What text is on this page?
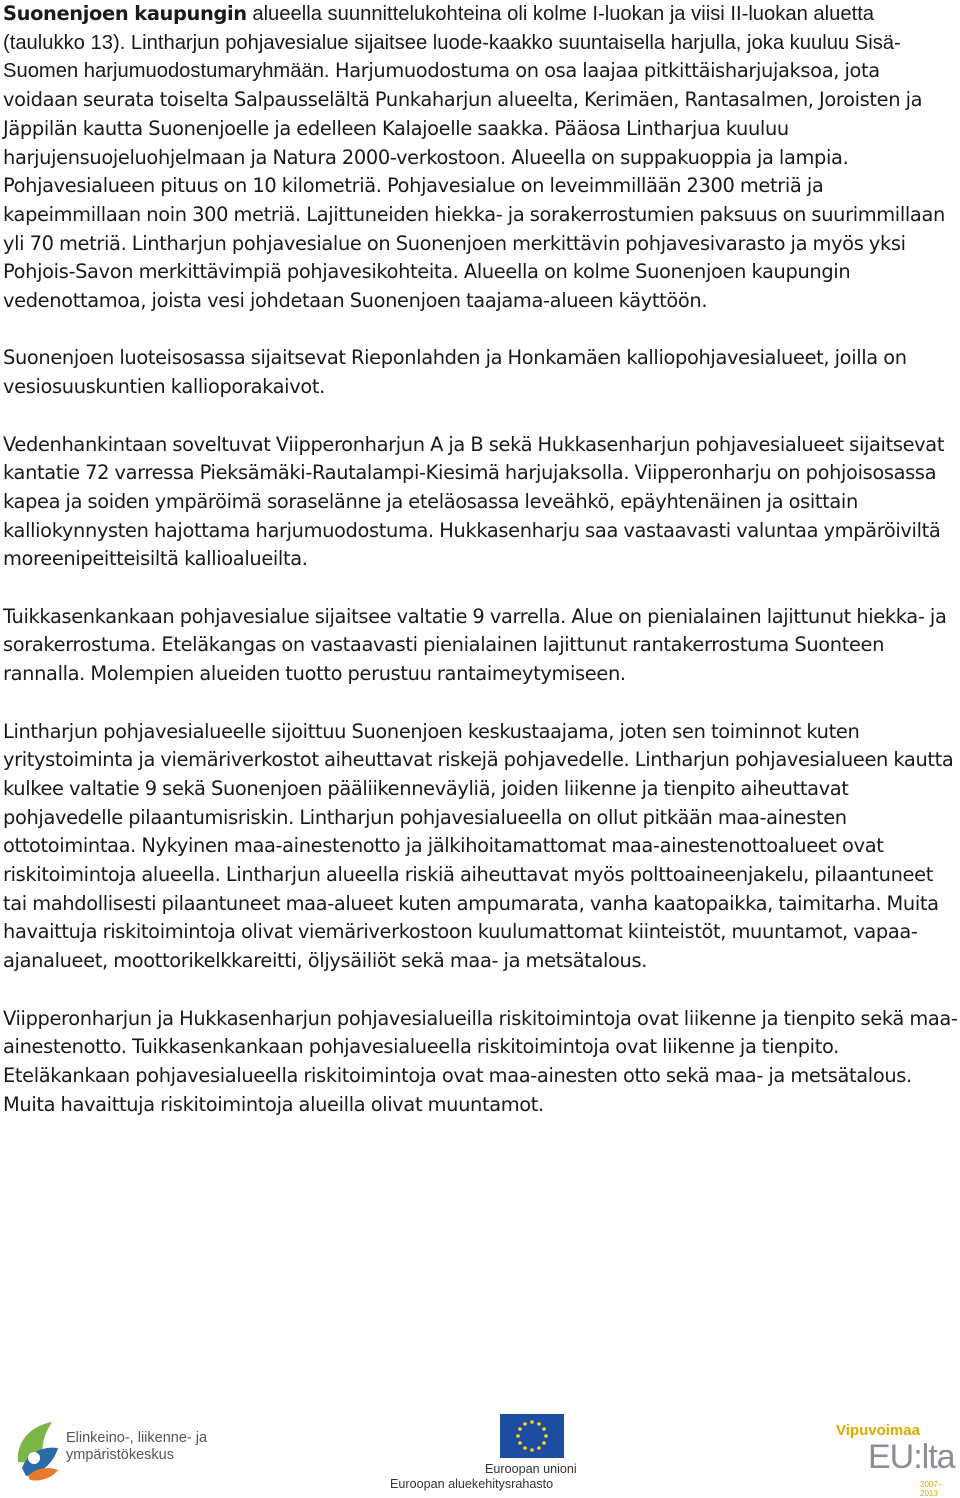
Suonenjoen kaupungin alueella suunnittelukohteina oli kolme I-luokan ja viisi II-luokan aluetta (taulukko 13). Lintharjun pohjavesialue sijaitsee luode-kaakko suuntaisella harjulla, joka kuuluu Sisä-Suomen harjumuodostumaryhmään. Harjumuodostuma on osa laajaa pitkittäisharjujaksoa, jota voidaan seurata toiselta Salpausselältä Punkaharjun alueelta, Kerimäen, Rantasalmen, Joroisten ja Jäppilän kautta Suonenjoelle ja edelleen Kalajoelle saakka. Pääosa Lintharjua kuuluu harjujensuojeluohjelmaan ja Natura 2000-verkostoon. Alueella on suppakuoppia ja lampia. Pohjavesialueen pituus on 10 kilometriä. Pohjavesialue on leveimmillään 2300 metriä ja kapeimmillaan noin 300 metriä. Lajittuneiden hiekka- ja sorakerrostumien paksuus on suurimmillaan yli 70 metriä. Lintharjun pohjavesialue on Suonenjoen merkittävin pohjavesivarasto ja myös yksi Pohjois-Savon merkittävimpiä pohjavesikohteita. Alueella on kolme Suonenjoen kaupungin vedenottamoa, joista vesi johdetaan Suonenjoen taajama-alueen käyttöön.

Suonenjoen luoteisosassa sijaitsevat Rieponlahden ja Honkamäen kalliopohjavesialueet, joilla on vesiosuuskuntien kallioporakaivot.

Vedenhankintaan soveltuvat Viipperonharjun A ja B sekä Hukkasenharjun pohjavesialueet sijaitsevat kantatie 72 varressa Pieksämäki-Rautalampi-Kiesimä harjujaksolla. Viipperonharju on pohjoisosassa kapea ja soiden ympäröimä soraselänne ja eteläosassa leveähkö, epäyhtenäinen ja osittain kalliokynnysten hajottama harjumuodostuma. Hukkasenharju saa vastaavasti valuntaa ympäröiviltä moreenipeitteisiltä kallioalueilta.

Tuikkasenkankaan pohjavesialue sijaitsee valtatie 9 varrella. Alue on pienialainen lajittunut hiekka- ja sorakerrostuma. Eteläkangas on vastaavasti pienialainen lajittunut rantakerrostuma Suonteen rannalla. Molempien alueiden tuotto perustuu rantaimeytymiseen.

Lintharjun pohjavesialueelle sijoittuu Suonenjoen keskustaajama, joten sen toiminnot kuten yritystoiminta ja viemäriverkostot aiheuttavat riskejä pohjavedelle. Lintharjun pohjavesialueen kautta kulkee valtatie 9 sekä Suonenjoen pääliikenneväyliä, joiden liikenne ja tienpito aiheuttavat pohjavedelle pilaantumisriskin. Lintharjun pohjavesialueella on ollut pitkään maa-ainesten ottotoimintaa. Nykyinen maa-ainestenotto ja jälkihoitamattomat maa-ainestenottoalueet ovat riskitoimintoja alueella. Lintharjun alueella riskiä aiheuttavat myös polttoaineenjakelu, pilaantuneet tai mahdollisesti pilaantuneet maa-alueet kuten ampumarata, vanha kaatopaikka, taimitarha. Muita havaittuja riskitoimintoja olivat viemäriverkostoon kuulumattomat kiinteistöt, muuntamot, vapaa-ajanalueet, moottorikelkkareitti, öljysäiliöt sekä maa- ja metsätalous.

Viipperonharjun ja Hukkasenharjun pohjavesialueilla riskitoimintoja ovat liikenne ja tienpito sekä maa-ainestenotto. Tuikkasenkankaan pohjavesialueella riskitoimintoja ovat liikenne ja tienpito. Eteläkankaan pohjavesialueella riskitoimintoja ovat maa-ainesten otto sekä maa- ja metsätalous. Muita havaittuja riskitoimintoja alueilla olivat muuntamot.

Elinkeino-, liikenne- ja
ympäristökeskus
Euroopan unioni
Euroopan aluekehitysrahasto
Vipuvoimaa
EU:lta
2007–2013
